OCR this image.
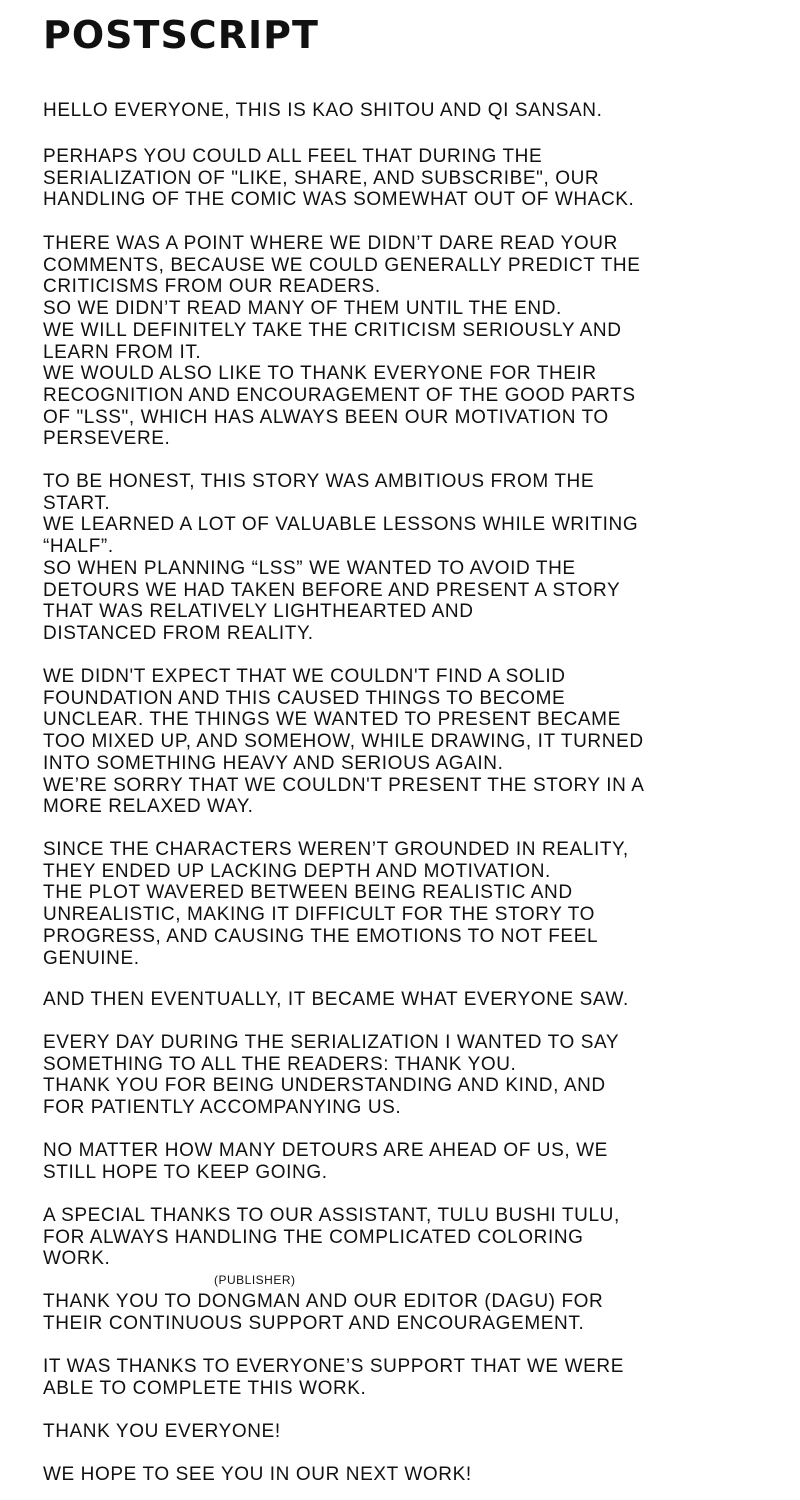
POSTSCRIPT

HELLO EVERYONE, THIS IS KAO SHITOU AND QI SANSAN.

PERHAPS YOU COULD ALL FEEL THAT DURING THE
SERIALIZATION OF "LIKE, SHARE, AND SUBSCRIBE", OUR
HANDLING OF THE COMIC WAS SOMEWHAT OUT OF WHACK.

THERE WAS A POINT WHERE WE DIDN’T DARE READ YOUR
COMMENTS, BECAUSE WE COULD GENERALLY PREDICT THE
CRITICISMS FROM OUR READERS.
SO WE DIDN’T READ MANY OF THEM UNTIL THE END.
WE WILL DEFINITELY TAKE THE CRITICISM SERIOUSLY AND
LEARN FROM IT.
WE WOULD ALSO LIKE TO THANK EVERYONE FOR THEIR
RECOGNITION AND ENCOURAGEMENT OF THE GOOD PARTS
OF "LSS", WHICH HAS ALWAYS BEEN OUR MOTIVATION TO
PERSEVERE.

TO BE HONEST, THIS STORY WAS AMBITIOUS FROM THE
START.
WE LEARNED A LOT OF VALUABLE LESSONS WHILE WRITING
“HALF”.
SO WHEN PLANNING “LSS” WE WANTED TO AVOID THE
DETOURS WE HAD TAKEN BEFORE AND PRESENT A STORY
THAT WAS RELATIVELY LIGHTHEARTED AND
DISTANCED FROM REALITY.

WE DIDN'T EXPECT THAT WE COULDN'T FIND A SOLID
FOUNDATION AND THIS CAUSED THINGS TO BECOME
UNCLEAR. THE THINGS WE WANTED TO PRESENT BECAME
TOO MIXED UP, AND SOMEHOW, WHILE DRAWING, IT TURNED
INTO SOMETHING HEAVY AND SERIOUS AGAIN.
WE’RE SORRY THAT WE COULDN'T PRESENT THE STORY IN A
MORE RELAXED WAY.

SINCE THE CHARACTERS WEREN’T GROUNDED IN REALITY,
THEY ENDED UP LACKING DEPTH AND MOTIVATION.
THE PLOT WAVERED BETWEEN BEING REALISTIC AND
UNREALISTIC, MAKING IT DIFFICULT FOR THE STORY TO
PROGRESS, AND CAUSING THE EMOTIONS TO NOT FEEL
GENUINE.

AND THEN EVENTUALLY, IT BECAME WHAT EVERYONE SAW.

EVERY DAY DURING THE SERIALIZATION I WANTED TO SAY
SOMETHING TO ALL THE READERS: THANK YOU.
THANK YOU FOR BEING UNDERSTANDING AND KIND, AND
FOR PATIENTLY ACCOMPANYING US.

NO MATTER HOW MANY DETOURS ARE AHEAD OF US, WE
STILL HOPE TO KEEP GOING.

A SPECIAL THANKS TO OUR ASSISTANT, TULU BUSHI TULU,
FOR ALWAYS HANDLING THE COMPLICATED COLORING
WORK.

(PUBLISHER)

THANK YOU TO DONGMAN AND OUR EDITOR (DAGU) FOR
THEIR CONTINUOUS SUPPORT AND ENCOURAGEMENT.

IT WAS THANKS TO EVERYONE’S SUPPORT THAT WE WERE
ABLE TO COMPLETE THIS WORK.

THANK YOU EVERYONE!

WE HOPE TO SEE YOU IN OUR NEXT WORK!
